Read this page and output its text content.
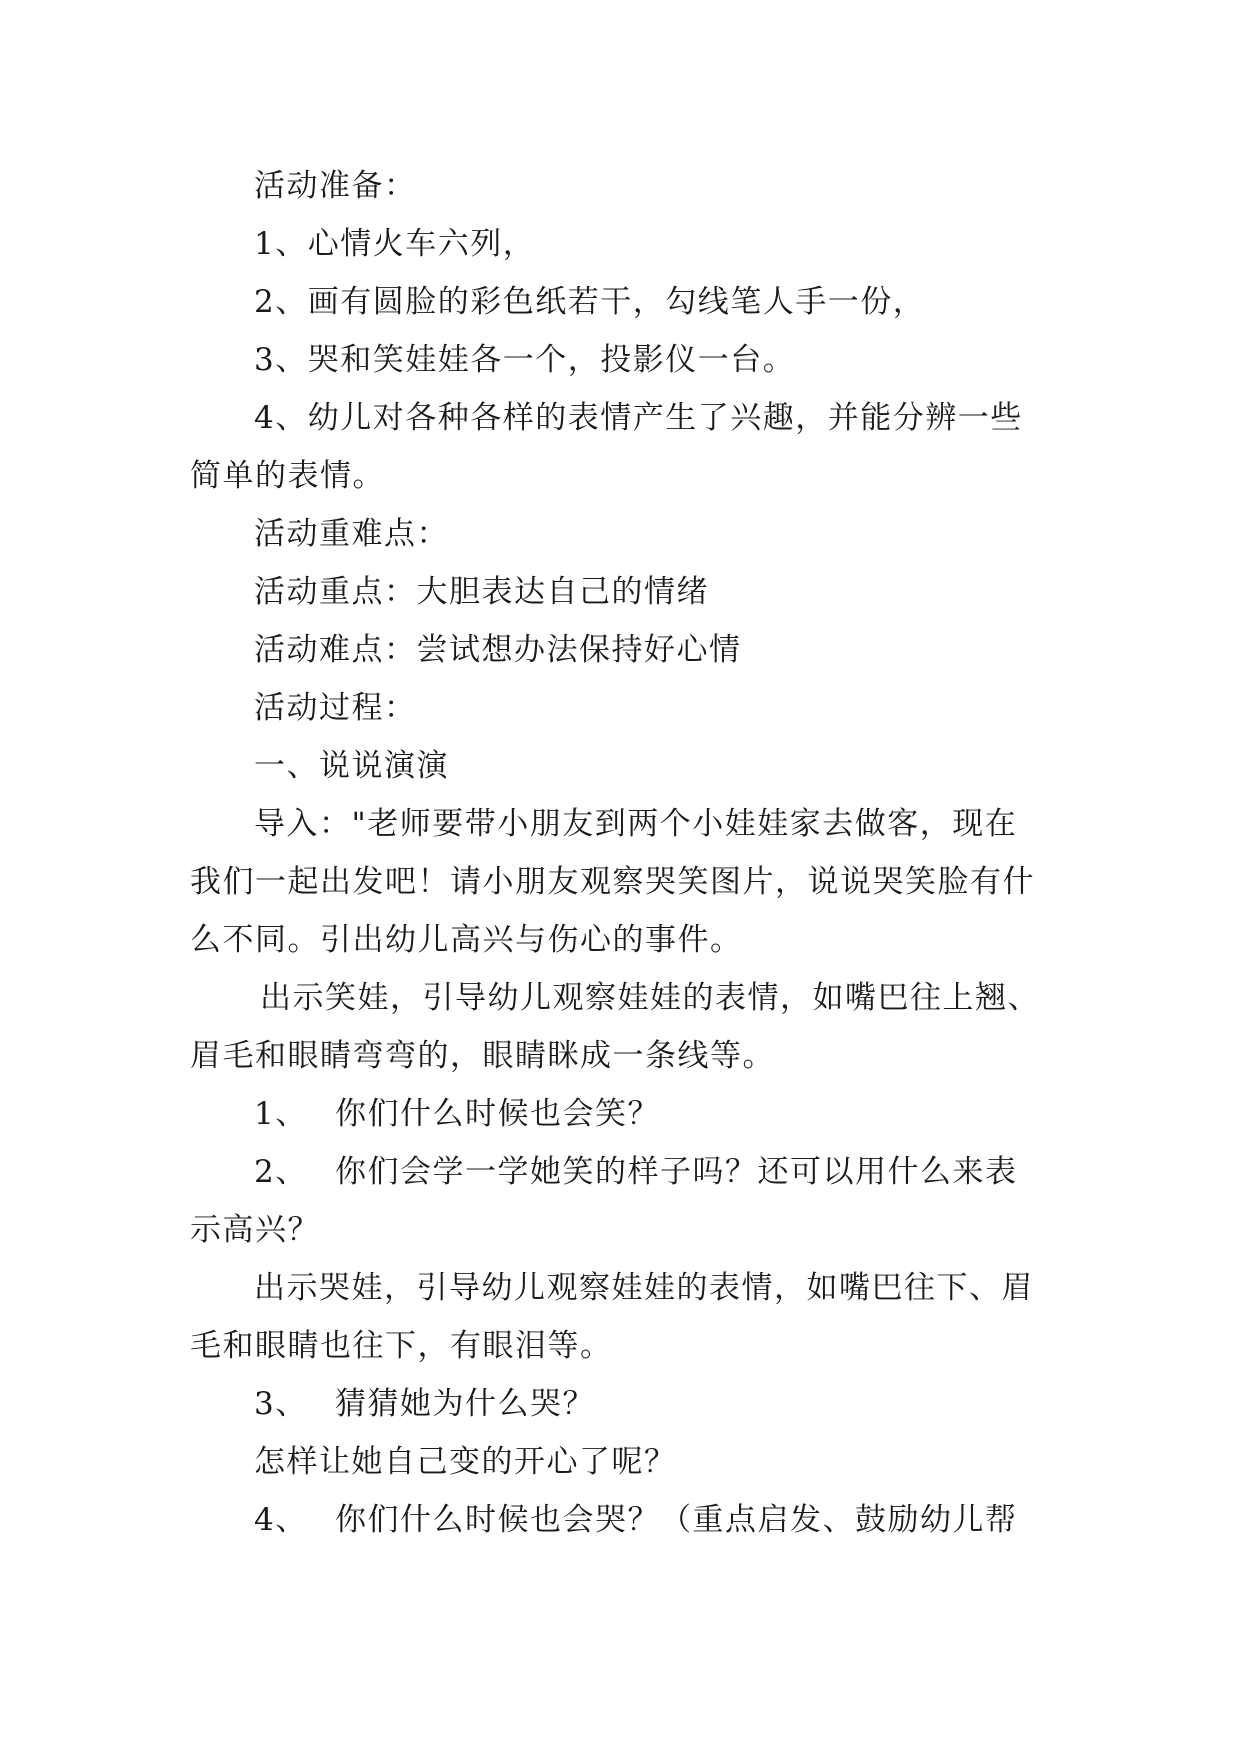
活动准备：
1、心情火车六列，
2、画有圆脸的彩色纸若干，勾线笔人手一份，
3、哭和笑娃娃各一个，投影仪一台。
4、幼儿对各种各样的表情产生了兴趣，并能分辨一些
简单的表情。
活动重难点：
活动重点：大胆表达自己的情绪
活动难点：尝试想办法保持好心情
活动过程：
一、说说演演
导入："老师要带小朋友到两个小娃娃家去做客，现在
我们一起出发吧！请小朋友观察哭笑图片，说说哭笑脸有什
么不同。引出幼儿高兴与伤心的事件。
出示笑娃，引导幼儿观察娃娃的表情，如嘴巴往上翘、
眉毛和眼睛弯弯的，眼睛眯成一条线等。
1、 你们什么时候也会笑？
2、 你们会学一学她笑的样子吗？还可以用什么来表
示高兴？
出示哭娃，引导幼儿观察娃娃的表情，如嘴巴往下、眉
毛和眼睛也往下，有眼泪等。
3、 猜猜她为什么哭？
怎样让她自己变的开心了呢？
4、 你们什么时候也会哭？（重点启发、鼓励幼儿帮
